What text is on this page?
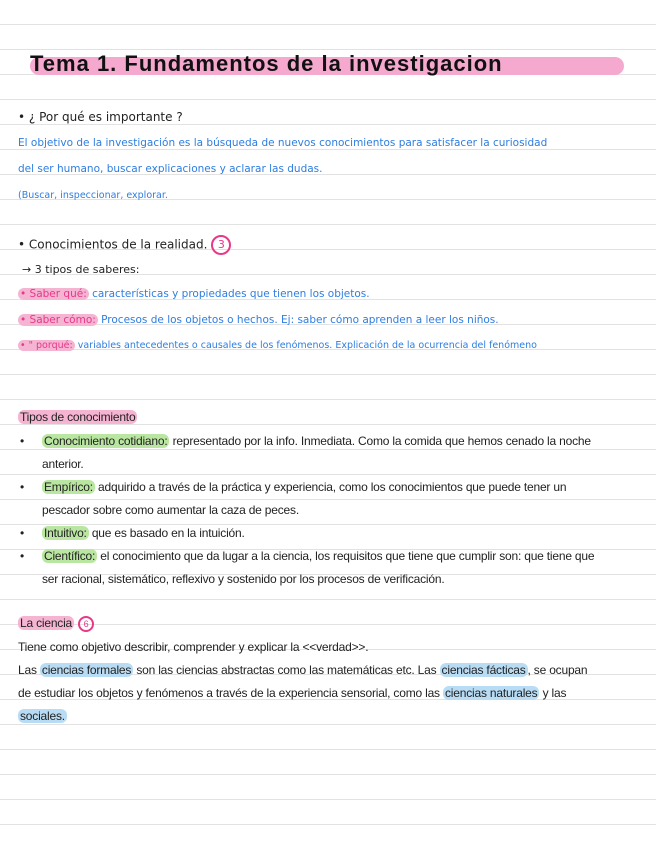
Tema 1. Fundamentos de la investigacion
• ¿ Por qué es importante ?
El objetivo de la investigación es la búsqueda de nuevos conocimientos para satisfacer la curiosidad
del ser humano, buscar explicaciones y aclarar las dudas.
(Buscar, inspeccionar, explorar.
• Conocimientos de la realidad. 3
→ 3 tipos de saberes:
• Saber qué: características y propiedades que tienen los objetos.
• Saber cómo: Procesos de los objetos o hechos. Ej: saber cómo aprenden a leer los niños.
• " porqué: variables antecedentes o causales de los fenómenos. Explicación de la ocurrencia del fenómeno
Tipos de conocimiento
• Conocimiento cotidiano: representado por la info. Inmediata. Como la comida que hemos cenado la noche
anterior.
• Empírico: adquirido a través de la práctica y experiencia, como los conocimientos que puede tener un
pescador sobre como aumentar la caza de peces.
• Intuitivo: que es basado en la intuición.
• Científico: el conocimiento que da lugar a la ciencia, los requisitos que tiene que cumplir son: que tiene que
ser racional, sistemático, reflexivo y sostenido por los procesos de verificación.
La ciencia 6
Tiene como objetivo describir, comprender y explicar la <<verdad>>.
Las ciencias formales son las ciencias abstractas como las matemáticas etc. Las ciencias fácticas , se ocupan
de estudiar los objetos y fenómenos a través de la experiencia sensorial, como las ciencias naturales y las
sociales.
